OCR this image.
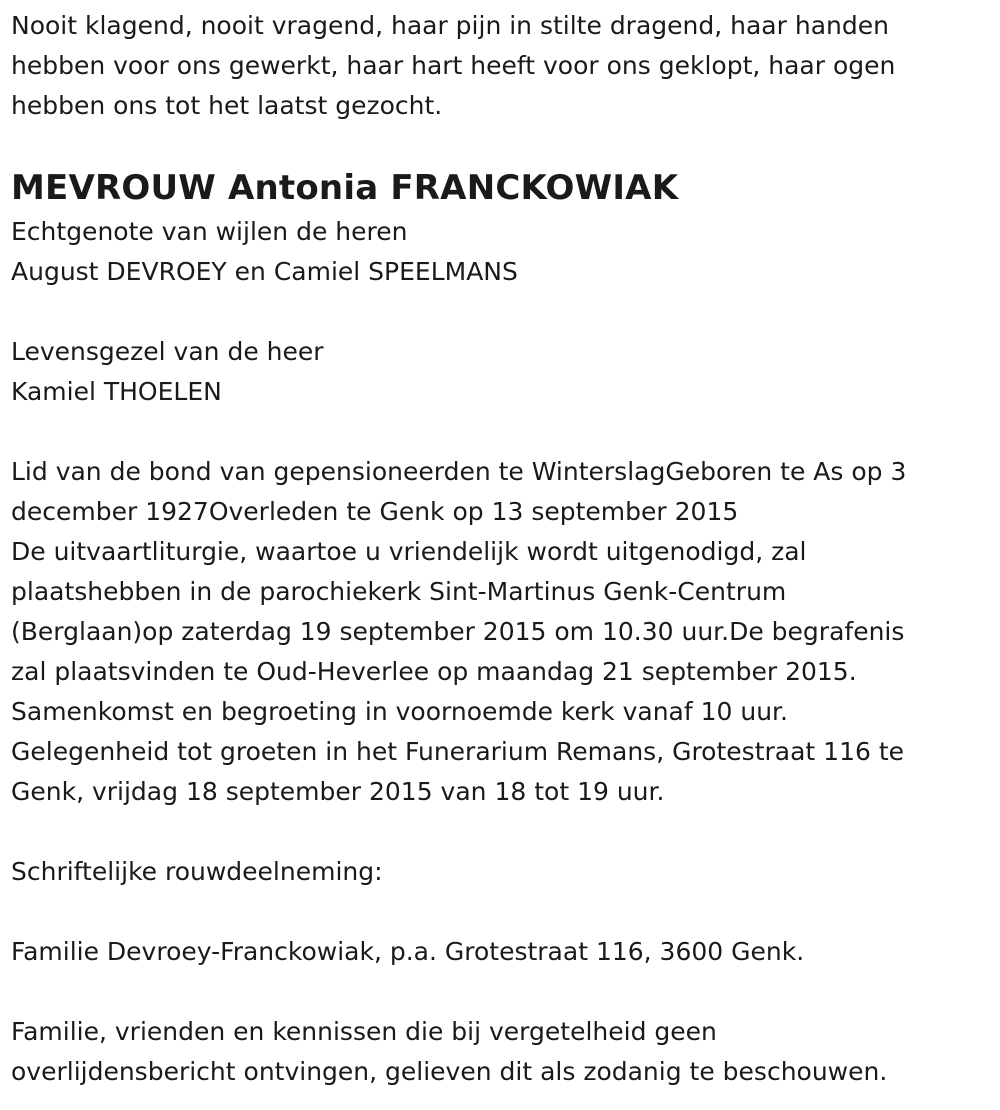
Nooit klagend, nooit vragend, haar pijn in stilte dragend, haar handen
hebben voor ons gewerkt, haar hart heeft voor ons geklopt, haar ogen
hebben ons tot het laatst gezocht.

MEVROUW Antonia FRANCKOWIAK

Echtgenote van wijlen de heren
August DEVROEY en Camiel SPEELMANS

Levensgezel van de heer
Kamiel THOELEN

Lid van de bond van gepensioneerden te WinterslagGeboren te As op 3
december 1927Overleden te Genk op 13 september 2015
De uitvaartliturgie, waartoe u vriendelijk wordt uitgenodigd, zal
plaatshebben in de parochiekerk Sint-Martinus Genk-Centrum
(Berglaan)op zaterdag 19 september 2015 om 10.30 uur.De begrafenis
zal plaatsvinden te Oud-Heverlee op maandag 21 september 2015.
Samenkomst en begroeting in voornoemde kerk vanaf 10 uur.
Gelegenheid tot groeten in het Funerarium Remans, Grotestraat 116 te
Genk, vrijdag 18 september 2015 van 18 tot 19 uur.

Schriftelijke rouwdeelneming:

Familie Devroey-Franckowiak, p.a. Grotestraat 116, 3600 Genk.

Familie, vrienden en kennissen die bij vergetelheid geen
overlijdensbericht ontvingen, gelieven dit als zodanig te beschouwen.
